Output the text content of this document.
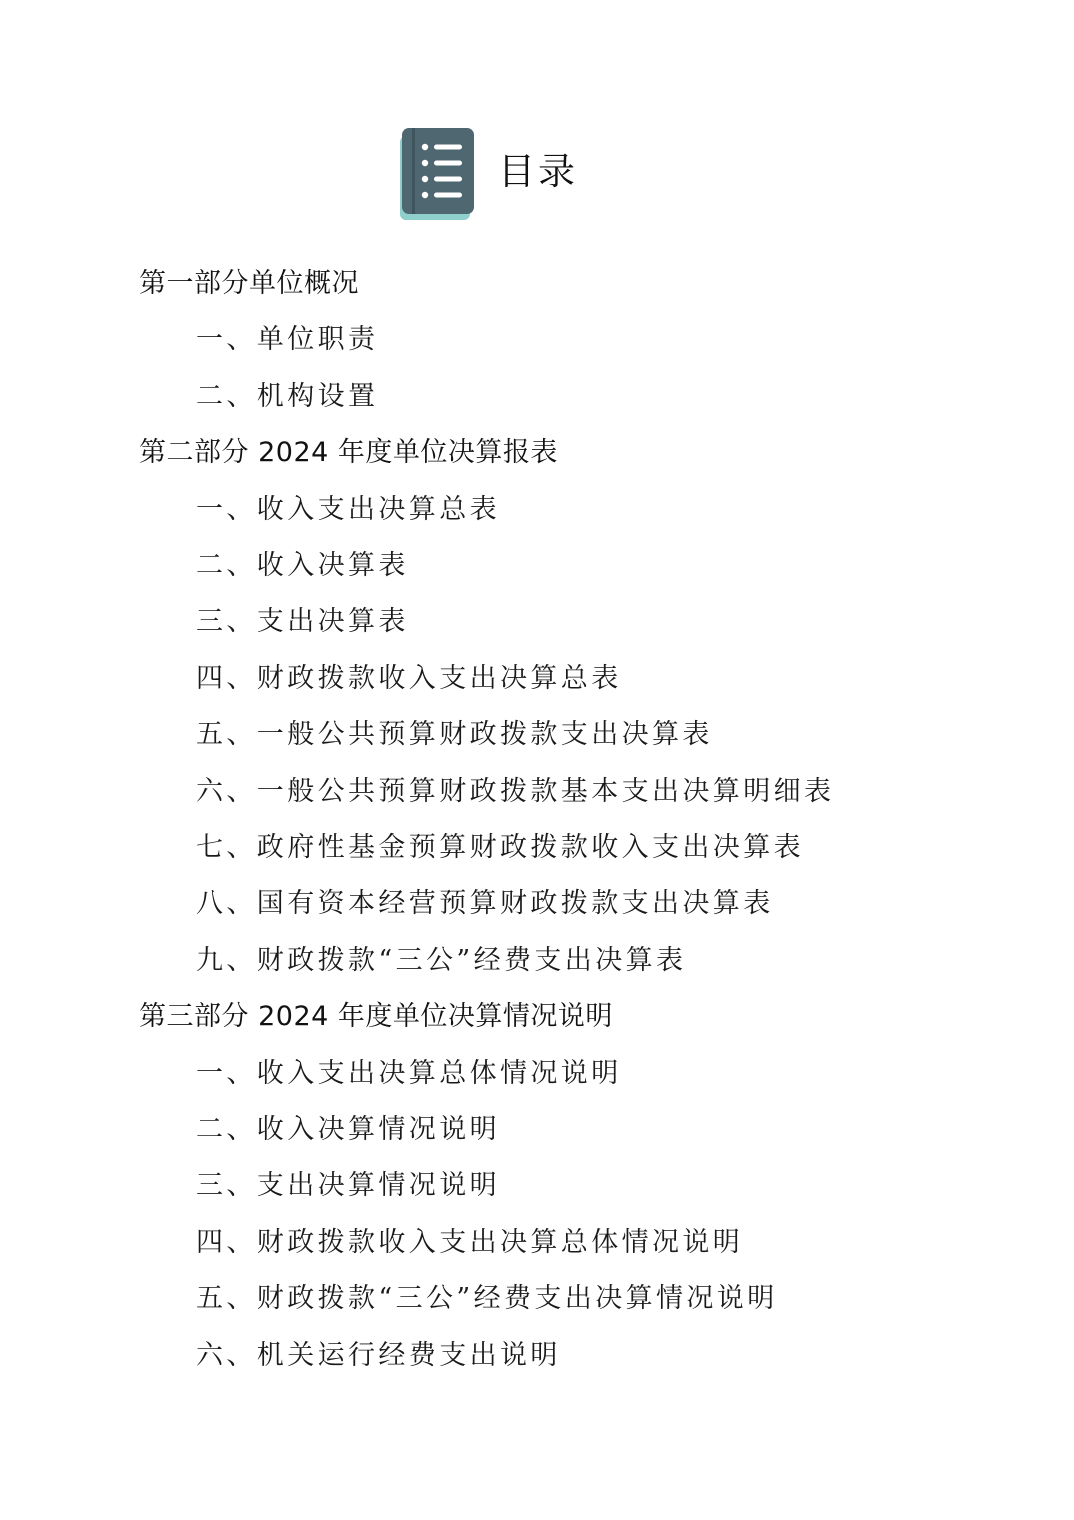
目录
第一部分单位概况
一、单位职责
二、机构设置
第二部分 2024 年度单位决算报表
一、收入支出决算总表
二、收入决算表
三、支出决算表
四、财政拨款收入支出决算总表
五、一般公共预算财政拨款支出决算表
六、一般公共预算财政拨款基本支出决算明细表
七、政府性基金预算财政拨款收入支出决算表
八、国有资本经营预算财政拨款支出决算表
九、财政拨款“三公”经费支出决算表
第三部分 2024 年度单位决算情况说明
一、收入支出决算总体情况说明
二、收入决算情况说明
三、支出决算情况说明
四、财政拨款收入支出决算总体情况说明
五、财政拨款“三公”经费支出决算情况说明
六、机关运行经费支出说明
